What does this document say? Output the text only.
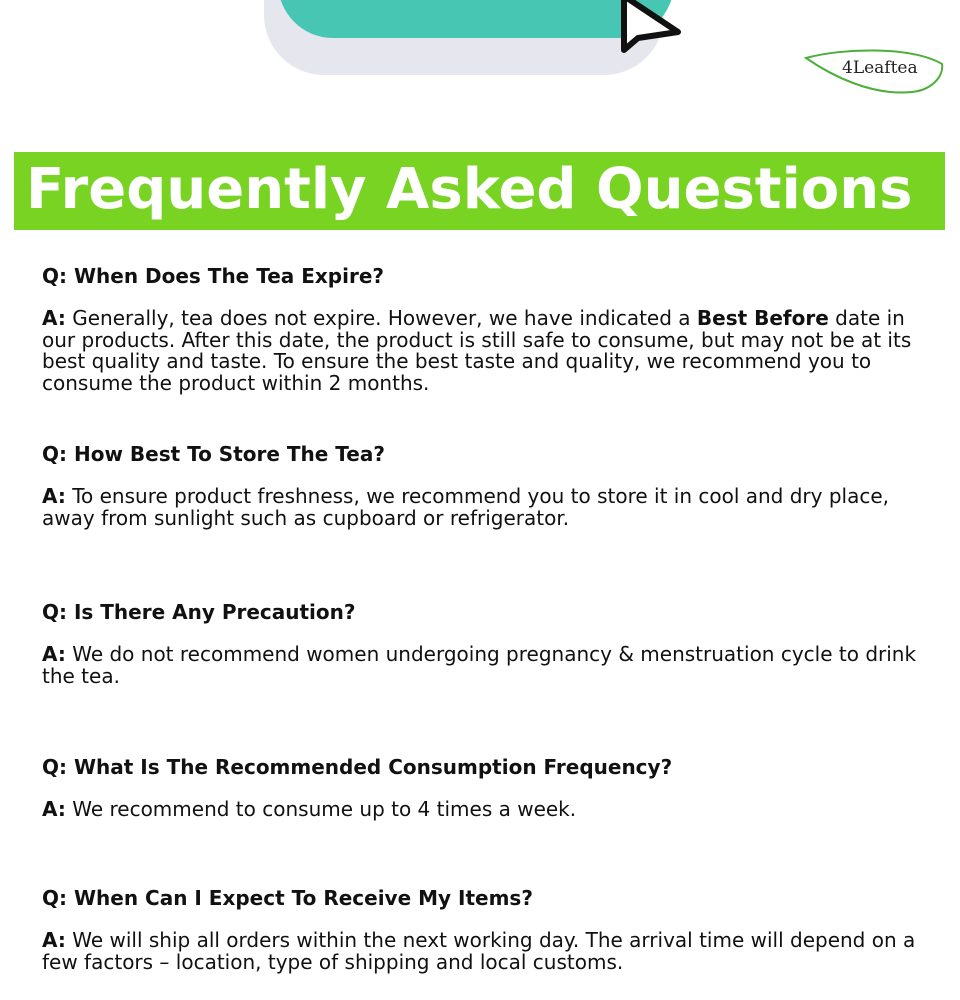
4Leaftea
Frequently Asked Questions

Q: When Does The Tea Expire?

A: Generally, tea does not expire. However, we have indicated a Best Before date in our products. After this date, the product is still safe to consume, but may not be at its best quality and taste. To ensure the best taste and quality, we recommend you to consume the product within 2 months.

Q: How Best To Store The Tea?

A: To ensure product freshness, we recommend you to store it in cool and dry place, away from sunlight such as cupboard or refrigerator.

Q: Is There Any Precaution?

A: We do not recommend women undergoing pregnancy & menstruation cycle to drink the tea.

Q: What Is The Recommended Consumption Frequency?

A: We recommend to consume up to 4 times a week.

Q: When Can I Expect To Receive My Items?

A: We will ship all orders within the next working day. The arrival time will depend on a few factors – location, type of shipping and local customs.
